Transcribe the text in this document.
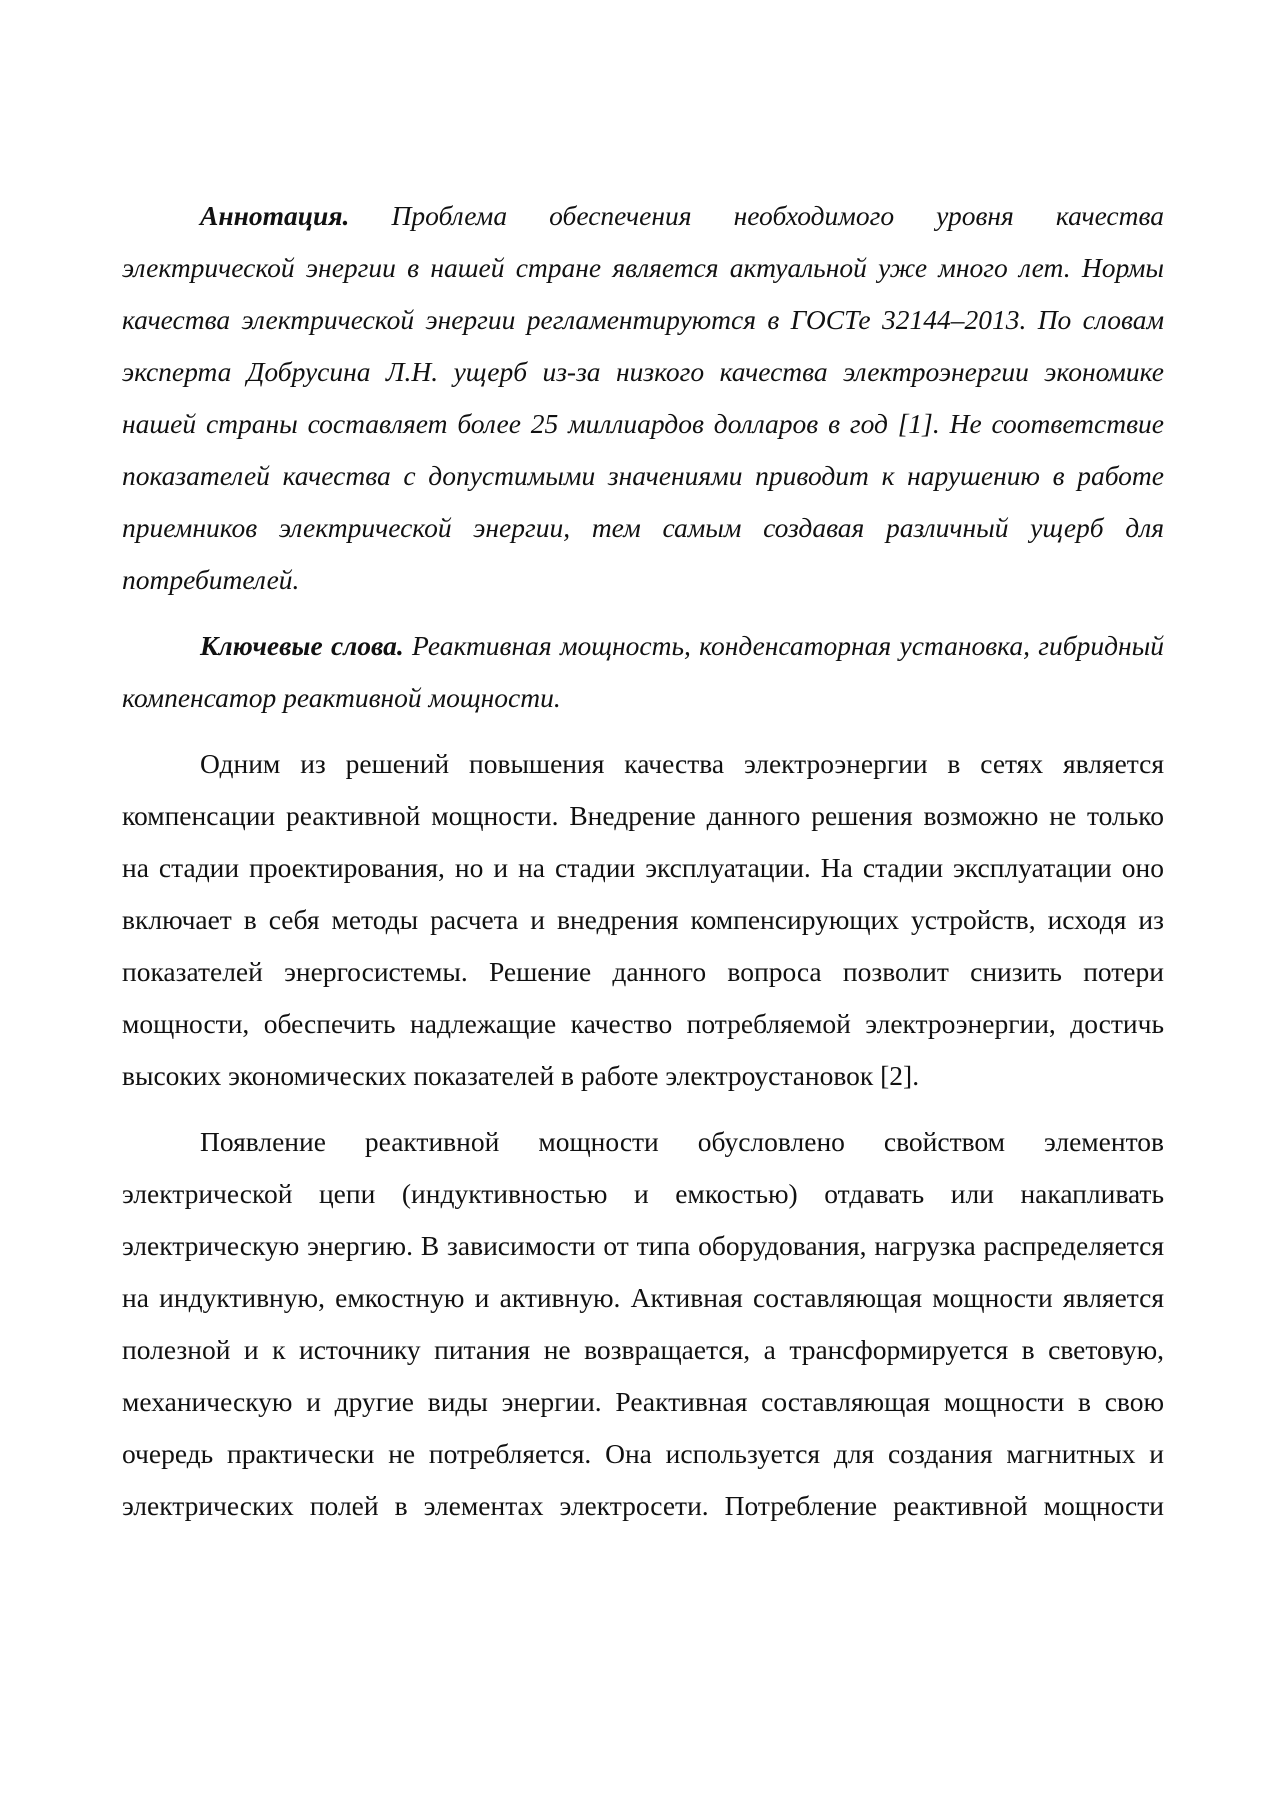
Аннотация. Проблема обеспечения необходимого уровня качества электрической энергии в нашей стране является актуальной уже много лет. Нормы качества электрической энергии регламентируются в ГОСТе 32144–2013. По словам эксперта Добрусина Л.Н. ущерб из-за низкого качества электроэнергии экономике нашей страны составляет более 25 миллиардов долларов в год [1]. Не соответствие показателей качества с допустимыми значениями приводит к нарушению в работе приемников электрической энергии, тем самым создавая различный ущерб для потребителей.

Ключевые слова. Реактивная мощность, конденсаторная установка, гибридный компенсатор реактивной мощности.

Одним из решений повышения качества электроэнергии в сетях является компенсации реактивной мощности. Внедрение данного решения возможно не только на стадии проектирования, но и на стадии эксплуатации. На стадии эксплуатации оно включает в себя методы расчета и внедрения компенсирующих устройств, исходя из показателей энергосистемы. Решение данного вопроса позволит снизить потери мощности, обеспечить надлежащие качество потребляемой электроэнергии, достичь высоких экономических показателей в работе электроустановок [2].

Появление реактивной мощности обусловлено свойством элементов электрической цепи (индуктивностью и емкостью) отдавать или накапливать электрическую энергию. В зависимости от типа оборудования, нагрузка распределяется на индуктивную, емкостную и активную. Активная составляющая мощности является полезной и к источнику питания не возвращается, а трансформируется в световую, механическую и другие виды энергии. Реактивная составляющая мощности в свою очередь практически не потребляется. Она используется для создания магнитных и электрических полей в элементах электросети. Потребление реактивной мощности
